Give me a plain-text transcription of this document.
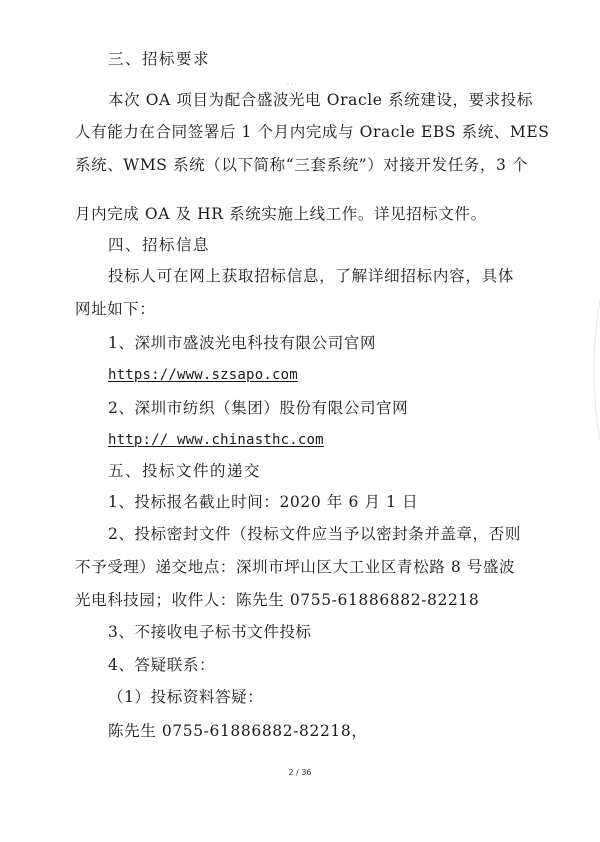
◦·
三、招标要求
本次 OA 项目为配合盛波光电 Oracle 系统建设，要求投标
人有能力在合同签署后 1 个月内完成与 Oracle EBS 系统、MES
系统、WMS 系统（以下简称“三套系统”）对接开发任务，3 个
月内完成 OA 及 HR 系统实施上线工作。详见招标文件。
四、招标信息
投标人可在网上获取招标信息，了解详细招标内容，具体
网址如下：
1、深圳市盛波光电科技有限公司官网
https://www.szsapo.com
2、深圳市纺织（集团）股份有限公司官网
http:// www.chinasthc.com
五、投标文件的递交
1、投标报名截止时间：2020 年 6 月 1 日
2、投标密封文件（投标文件应当予以密封条并盖章，否则
不予受理）递交地点：深圳市坪山区大工业区青松路 8 号盛波
光电科技园；收件人：陈先生 0755-61886882-82218
3、不接收电子标书文件投标
4、答疑联系：
（1）投标资料答疑：
陈先生 0755-61886882-82218，
2 / 36
